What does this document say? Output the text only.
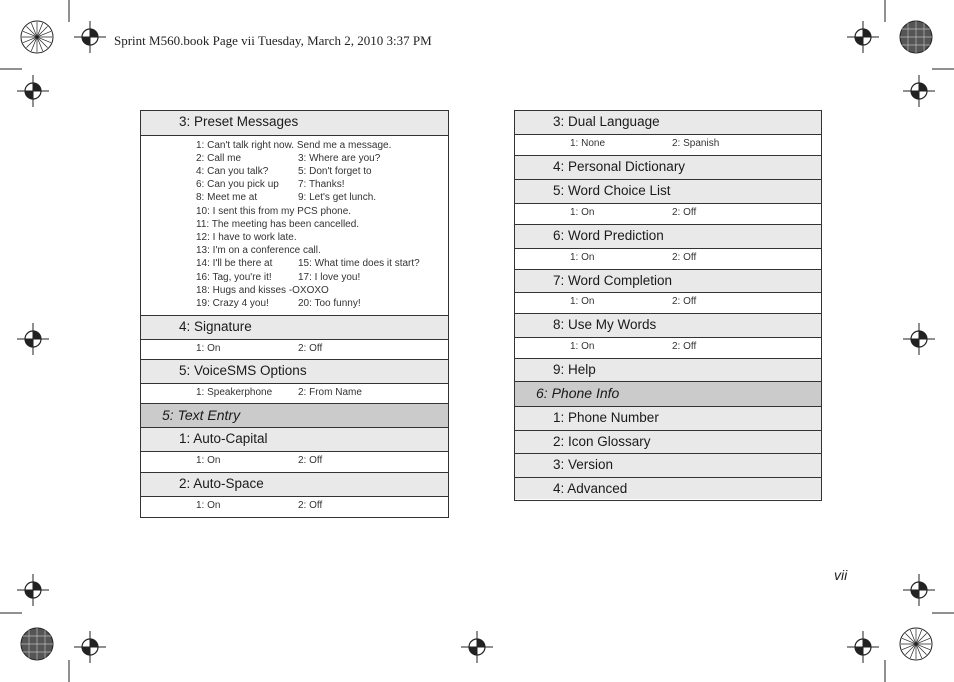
Sprint M560.book Page vii Tuesday, March 2, 2010 3:37 PM
vii
3: Preset Messages
1: Can't talk right now. Send me a message.
2: Call me	3: Where are you?
4: Can you talk?	5: Don't forget to
6: Can you pick up 7: Thanks!
8: Meet me at	9: Let's get lunch.
10: I sent this from my PCS phone.
11: The meeting has been cancelled.
12: I have to work late.
13: I'm on a conference call.
14: I'll be there at	15: What time does it start?
16: Tag, you're it!	17: I love you!
18: Hugs and kisses -OXOXO
19: Crazy 4 you!	20: Too funny!
4: Signature
1: On	2: Off
5: VoiceSMS Options
1: Speakerphone	2: From Name
5: Text Entry
1: Auto-Capital
1: On	2: Off
2: Auto-Space
1: On	2: Off
3: Dual Language
1: None	2: Spanish
4: Personal Dictionary
5: Word Choice List
1: On	2: Off
6: Word Prediction
1: On	2: Off
7: Word Completion
1: On	2: Off
8: Use My Words
1: On	2: Off
9: Help
6: Phone Info
1: Phone Number
2: Icon Glossary
3: Version
4: Advanced
